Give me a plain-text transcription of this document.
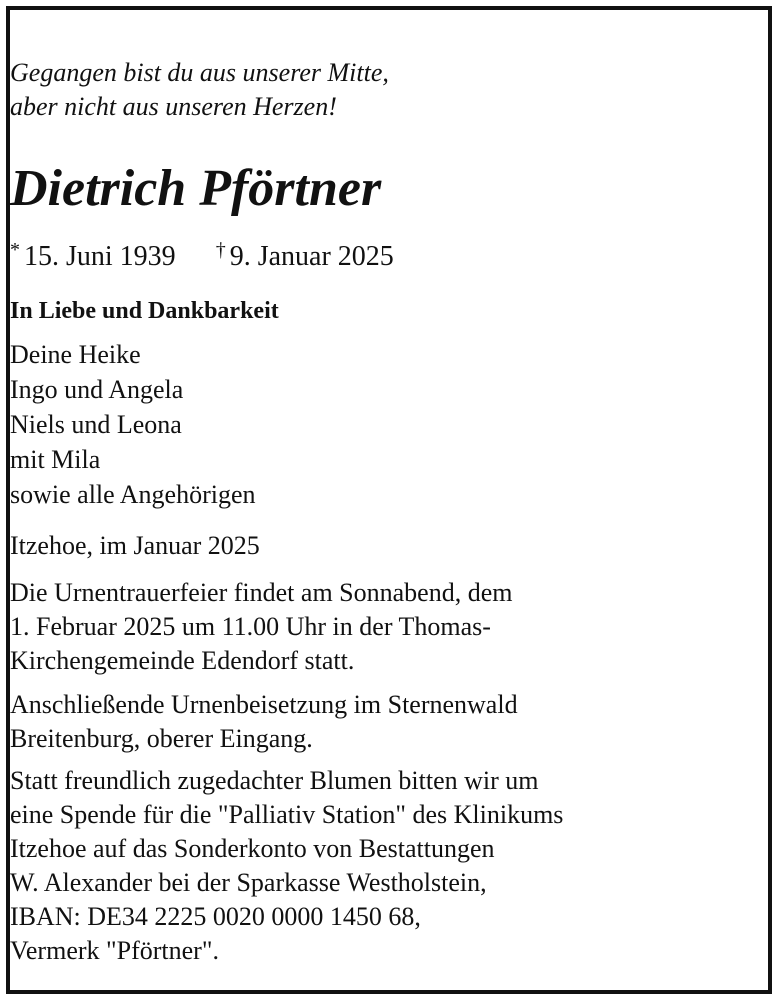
Gegangen bist du aus unserer Mitte,
aber nicht aus unseren Herzen!
Dietrich Pförtner
* 15. Juni 1939 † 9. Januar 2025
In Liebe und Dankbarkeit
Deine Heike
Ingo und Angela
Niels und Leona
mit Mila
sowie alle Angehörigen
Itzehoe, im Januar 2025
Die Urnentrauerfeier findet am Sonnabend, dem
1. Februar 2025 um 11.00 Uhr in der Thomas-
Kirchengemeinde Edendorf statt.
Anschließende Urnenbeisetzung im Sternenwald
Breitenburg, oberer Eingang.
Statt freundlich zugedachter Blumen bitten wir um
eine Spende für die "Palliativ Station" des Klinikums
Itzehoe auf das Sonderkonto von Bestattungen
W. Alexander bei der Sparkasse Westholstein,
IBAN: DE34 2225 0020 0000 1450 68,
Vermerk "Pförtner".
